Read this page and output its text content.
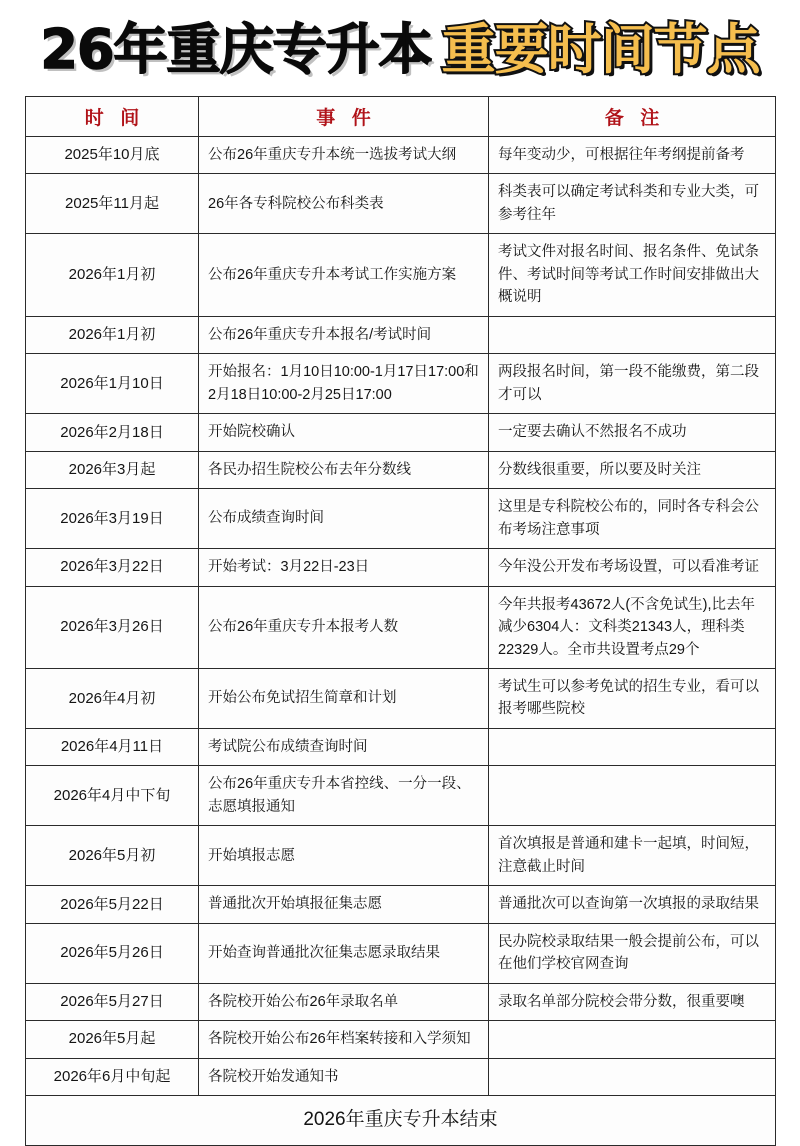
26年重庆专升本 重要时间节点
时 间	事 件	备 注
2025年10月底	公布26年重庆专升本统一选拔考试大纲	每年变动少，可根据往年考纲提前备考
2025年11月起	26年各专科院校公布科类表	科类表可以确定考试科类和专业大类，可参考往年
2026年1月初	公布26年重庆专升本考试工作实施方案	考试文件对报名时间、报名条件、免试条件、考试时间等考试工作时间安排做出大概说明
2026年1月初	公布26年重庆专升本报名/考试时间	
2026年1月10日	开始报名：1月10日10:00-1月17日17:00和2月18日10:00-2月25日17:00	两段报名时间，第一段不能缴费，第二段才可以
2026年2月18日	开始院校确认	一定要去确认不然报名不成功
2026年3月起	各民办招生院校公布去年分数线	分数线很重要，所以要及时关注
2026年3月19日	公布成绩查询时间	这里是专科院校公布的，同时各专科会公布考场注意事项
2026年3月22日	开始考试：3月22日-23日	今年没公开发布考场设置，可以看准考证
2026年3月26日	公布26年重庆专升本报考人数	今年共报考43672人(不含免试生),比去年减少6304人：文科类21343人，理科类22329人。全市共设置考点29个
2026年4月初	开始公布免试招生简章和计划	考试生可以参考免试的招生专业，看可以报考哪些院校
2026年4月11日	考试院公布成绩查询时间	
2026年4月中下旬	公布26年重庆专升本省控线、一分一段、志愿填报通知	
2026年5月初	开始填报志愿	首次填报是普通和建卡一起填，时间短，注意截止时间
2026年5月22日	普通批次开始填报征集志愿	普通批次可以查询第一次填报的录取结果
2026年5月26日	开始查询普通批次征集志愿录取结果	民办院校录取结果一般会提前公布，可以在他们学校官网查询
2026年5月27日	各院校开始公布26年录取名单	录取名单部分院校会带分数，很重要噢
2026年5月起	各院校开始公布26年档案转接和入学须知	
2026年6月中旬起	各院校开始发通知书	
2026年重庆专升本结束		
